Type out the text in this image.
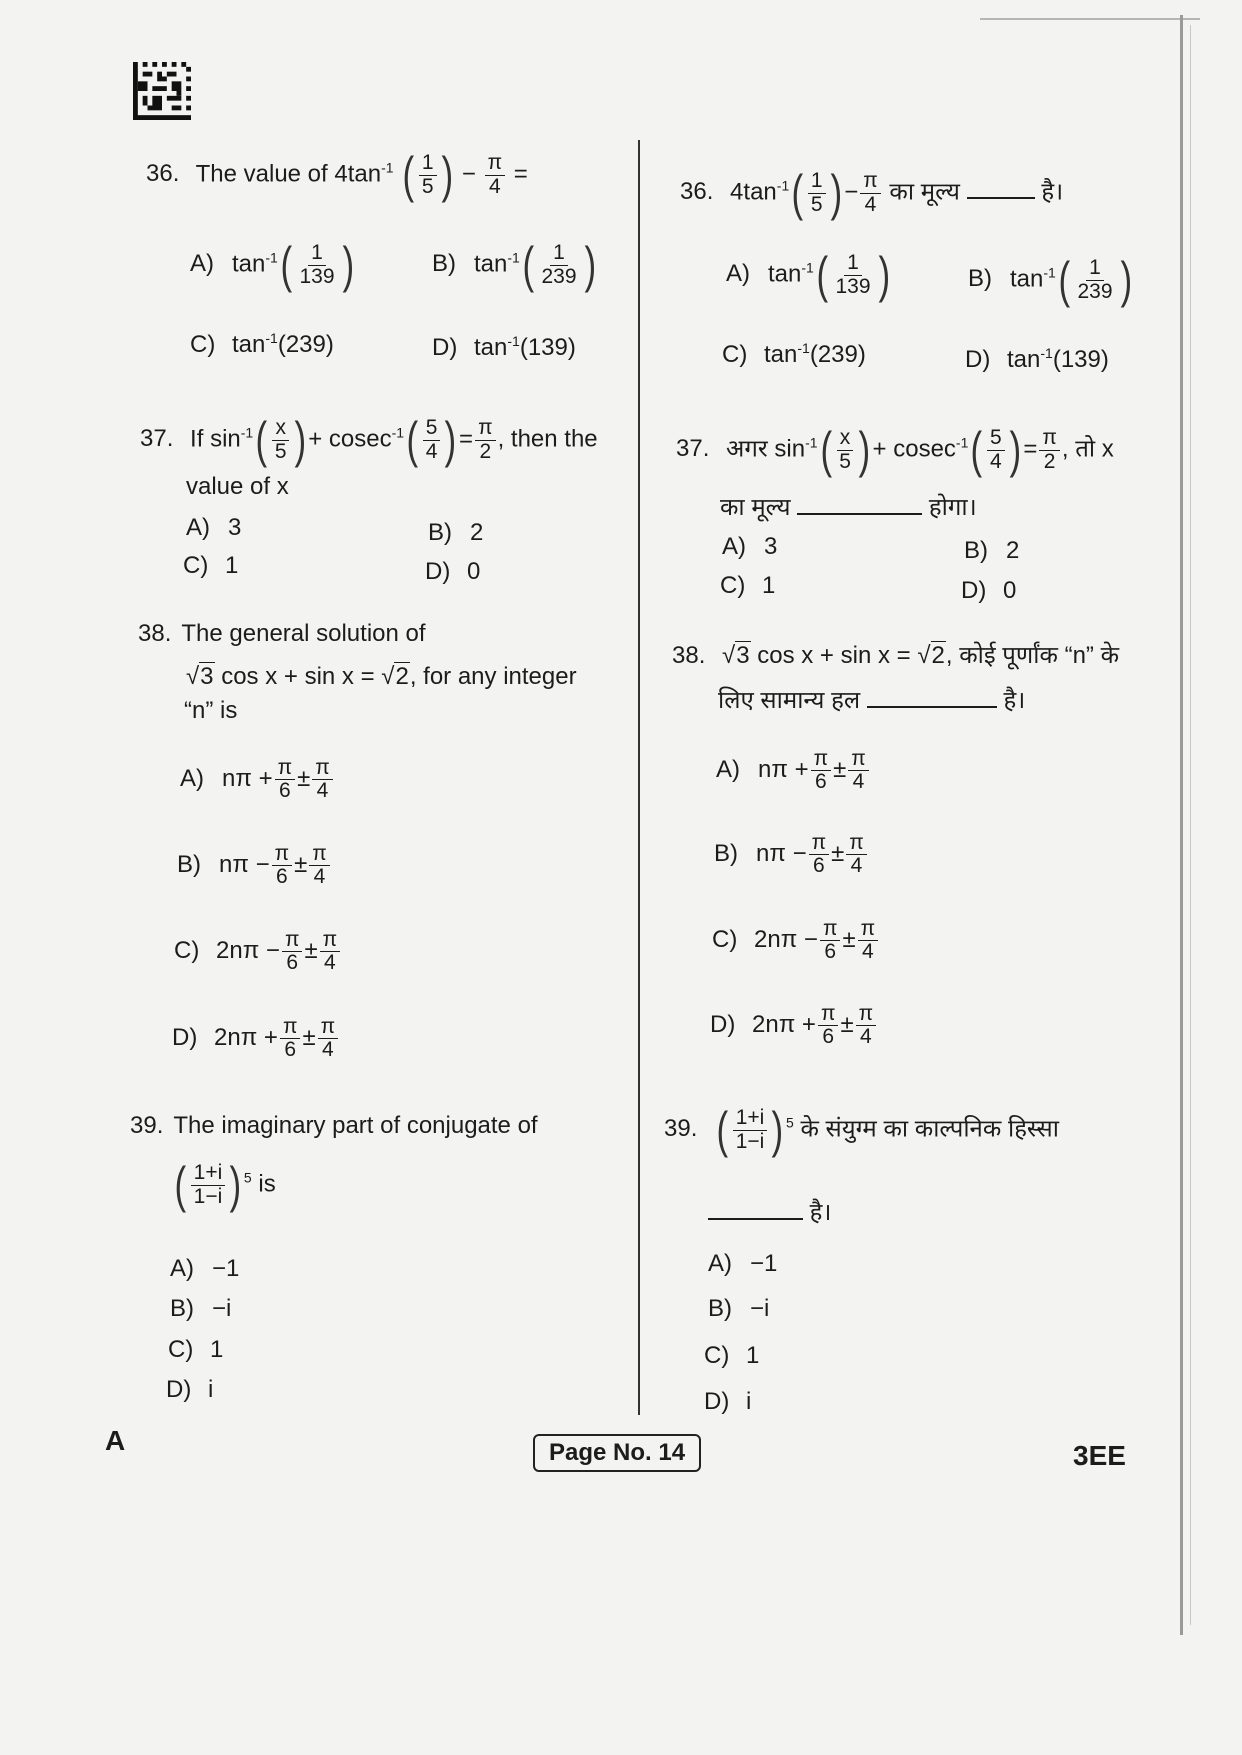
36. The value of $4\tan^{-1}$ ( $\frac{1}{5}$ ) − $\frac{\pi}{4}$ =
A) $\tan^{-1}( \frac{1}{139}$ )	B) $\tan^{-1}( \frac{1}{239}$ )
C) $\tan^{-1}(239)$	D) $\tan^{-1}(139)$
37. If $\sin^{-1}( \frac{x}{5}$ ) + $cosec^{-1}( \frac{5}{4}$ ) = $\frac{\pi}{2}$ , then the
value of x
A) 3	B) 2
C) 1	D) 0
38. The general solution of
√3 cos x + sin x = √2, for any integer
“n” is
A) $n\pi + \frac{\pi}{6} \pm \frac{\pi}{4}$
B) $n\pi - \frac{\pi}{6} \pm \frac{\pi}{4}$
C) $2n\pi - \frac{\pi}{6} \pm \frac{\pi}{4}$
D) $2n\pi + \frac{\pi}{6} \pm \frac{\pi}{4}$
39. The imaginary part of conjugate of
( $\frac{1+i}{1-i}$ ) $^5$ is
A) −1
B) −i
C) 1
D) i
36. $4\tan^{-1}( \frac{1}{5}$ ) − $\frac{\pi}{4}$ का मूल्य	है।
A) $\tan^{-1}( \frac{1}{139}$ )	B) $\tan^{-1}( \frac{1}{239}$ )
C) $\tan^{-1}(239)$	D) $\tan^{-1}(139)$
37. अगर $\sin^{-1}( \frac{x}{5}$ ) + $cosec^{-1}( \frac{5}{4}$ ) = $\frac{\pi}{2}$ , तो x
का मूल्य	होगा।
A) 3	B) 2
C) 1	D) 0
38. √3 cos x + sin x = √2, कोई पूर्णांक “n” के
लिए सामान्य हल	है।
A) $n\pi + \frac{\pi}{6} \pm \frac{\pi}{4}$
B) $n\pi - \frac{\pi}{6} \pm \frac{\pi}{4}$
C) $2n\pi - \frac{\pi}{6} \pm \frac{\pi}{4}$
D) $2n\pi + \frac{\pi}{6} \pm \frac{\pi}{4}$
39. ( $\frac{1+i}{1-i}$ ) $^5$ के संयुग्म का काल्पनिक हिस्सा
है।
A) −1
B) −i
C) 1
D) i
A	Page No. 14	3EE
